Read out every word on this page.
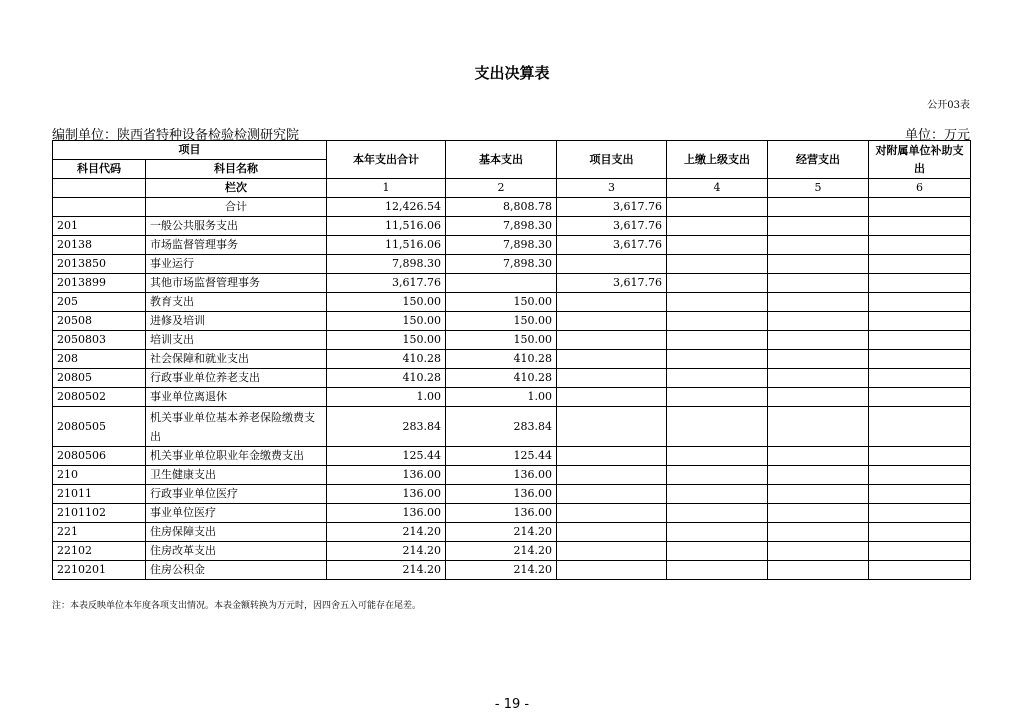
支出决算表
公开03表
编制单位：陕西省特种设备检验检测研究院	单位：万元
项目		本年支出合计	基本支出	项目支出	上缴上级支出	经营支出	对附属单位补助支出
科目代码	科目名称						
	栏次	1	2	3	4	5	6
	合计	12,426.54	8,808.78	3,617.76			
201	一般公共服务支出	11,516.06	7,898.30	3,617.76			
20138	市场监督管理事务	11,516.06	7,898.30	3,617.76			
2013850	事业运行	7,898.30	7,898.30				
2013899	其他市场监督管理事务	3,617.76		3,617.76			
205	教育支出	150.00	150.00				
20508	进修及培训	150.00	150.00				
2050803	培训支出	150.00	150.00				
208	社会保障和就业支出	410.28	410.28				
20805	行政事业单位养老支出	410.28	410.28				
2080502	事业单位离退休	1.00	1.00				
2080505	机关事业单位基本养老保险缴费支出	283.84	283.84				
2080506	机关事业单位职业年金缴费支出	125.44	125.44				
210	卫生健康支出	136.00	136.00				
21011	行政事业单位医疗	136.00	136.00				
2101102	事业单位医疗	136.00	136.00				
221	住房保障支出	214.20	214.20				
22102	住房改革支出	214.20	214.20				
2210201	住房公积金	214.20	214.20				
注：本表反映单位本年度各项支出情况。本表金额转换为万元时，因四舍五入可能存在尾差。
- 19 -
